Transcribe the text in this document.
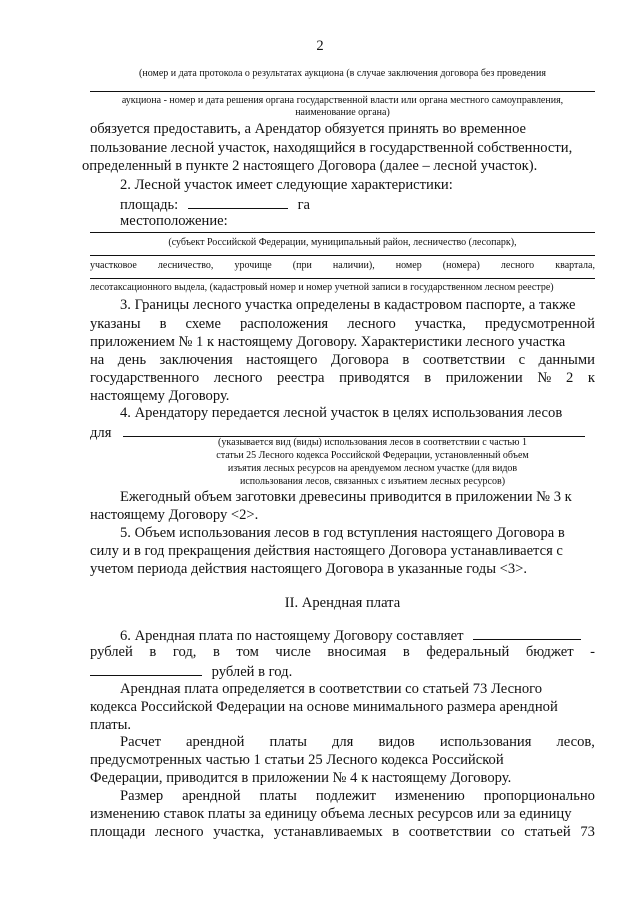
2
(номер и дата протокола о результатах аукциона (в случае заключения договора без проведения
аукциона - номер и дата решения органа государственной власти или органа местного самоуправления,
наименование органа)
обязуется предоставить, а Арендатор обязуется принять во временное
пользование лесной участок, находящийся в государственной собственности,
определенный в пункте 2 настоящего Договора (далее – лесной участок).
2. Лесной участок имеет следующие характеристики:
площадь:	га
местоположение:
(субъект Российской Федерации, муниципальный район, лесничество (лесопарк),
участковое лесничество, урочище (при наличии), номер (номера) лесного квартала,
лесотаксационного выдела, (кадастровый номер и номер учетной записи в государственном лесном реестре)
3. Границы лесного участка определены в кадастровом паспорте, а также
указаны в схеме расположения лесного участка, предусмотренной
приложением № 1 к настоящему Договору. Характеристики лесного участка
на день заключения настоящего Договора в соответствии с данными
государственного лесного реестра приводятся в приложении № 2 к
настоящему Договору.
4. Арендатору передается лесной участок в целях использования лесов
для
(указывается вид (виды) использования лесов в соответствии с частью 1
статьи 25 Лесного кодекса Российской Федерации, установленный объем
изъятия лесных ресурсов на арендуемом лесном участке (для видов
использования лесов, связанных с изъятием лесных ресурсов)
Ежегодный объем заготовки древесины приводится в приложении № 3 к
настоящему Договору <2>.
5. Объем использования лесов в год вступления настоящего Договора в
силу и в год прекращения действия настоящего Договора устанавливается с
учетом периода действия настоящего Договора в указанные годы <3>.
II. Арендная плата
6. Арендная плата по настоящему Договору составляет
рублей в год, в том числе вносимая в федеральный бюджет -
рублей в год.
Арендная плата определяется в соответствии со статьей 73 Лесного
кодекса Российской Федерации на основе минимального размера арендной
платы.
Расчет арендной платы для видов использования лесов,
предусмотренных частью 1 статьи 25 Лесного кодекса Российской
Федерации, приводится в приложении № 4 к настоящему Договору.
Размер арендной платы подлежит изменению пропорционально
изменению ставок платы за единицу объема лесных ресурсов или за единицу
площади лесного участка, устанавливаемых в соответствии со статьей 73
